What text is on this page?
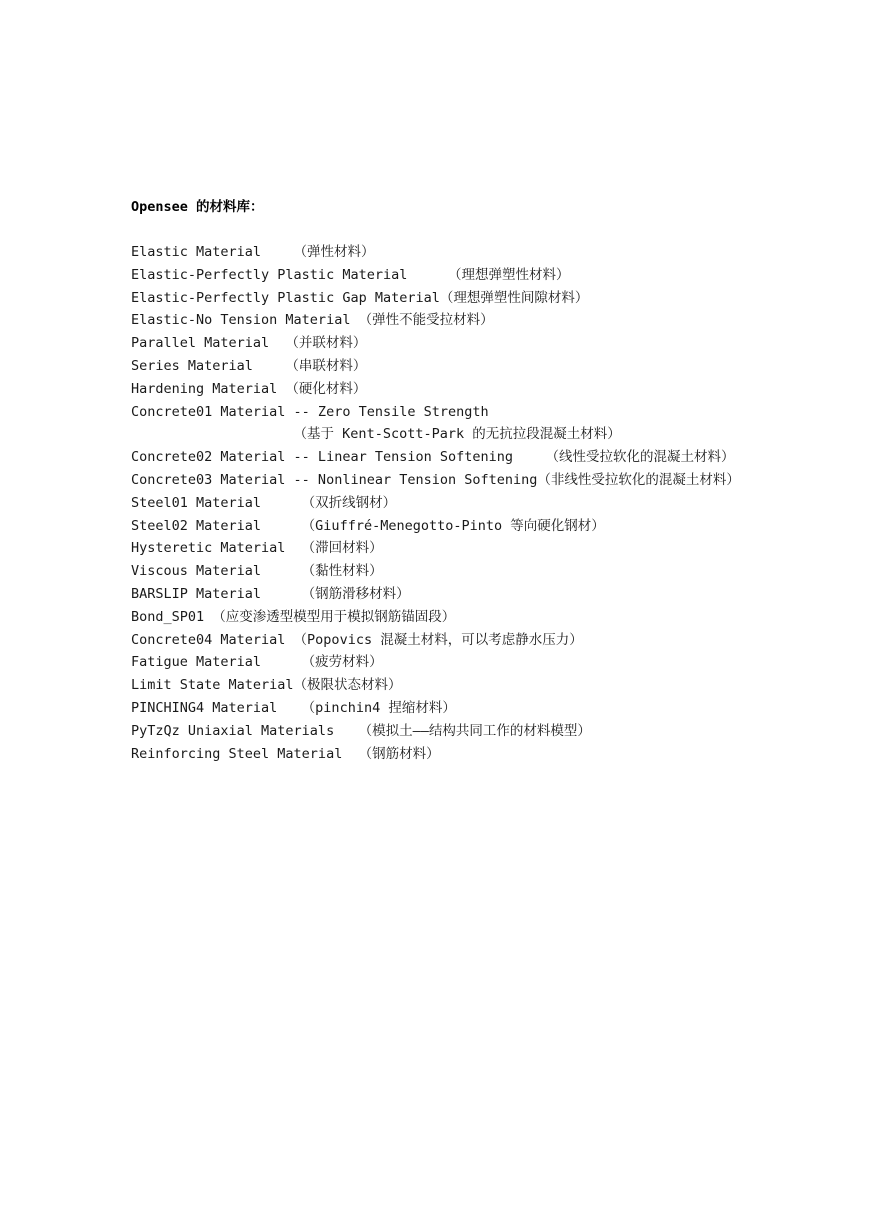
Opensee 的材料库：
Elastic Material    （弹性材料）
Elastic-Perfectly Plastic Material     （理想弹塑性材料）
Elastic-Perfectly Plastic Gap Material（理想弹塑性间隙材料）
Elastic-No Tension Material （弹性不能受拉材料）
Parallel Material  （并联材料）
Series Material    （串联材料）
Hardening Material （硬化材料）
Concrete01 Material -- Zero Tensile Strength
（基于 Kent-Scott-Park 的无抗拉段混凝土材料）
Concrete02 Material -- Linear Tension Softening    （线性受拉软化的混凝土材料）
Concrete03 Material -- Nonlinear Tension Softening（非线性受拉软化的混凝土材料）
Steel01 Material     （双折线钢材）
Steel02 Material     （Giuffré-Menegotto-Pinto 等向硬化钢材）
Hysteretic Material  （滞回材料）
Viscous Material     （黏性材料）
BARSLIP Material     （钢筋滑移材料）
Bond_SP01 （应变渗透型模型用于模拟钢筋锚固段）
Concrete04 Material （Popovics 混凝土材料，可以考虑静水压力）
Fatigue Material     （疲劳材料）
Limit State Material（极限状态材料）
PINCHING4 Material   （pinchin4 捏缩材料）
PyTzQz Uniaxial Materials   （模拟土——结构共同工作的材料模型）
Reinforcing Steel Material  （钢筋材料）
